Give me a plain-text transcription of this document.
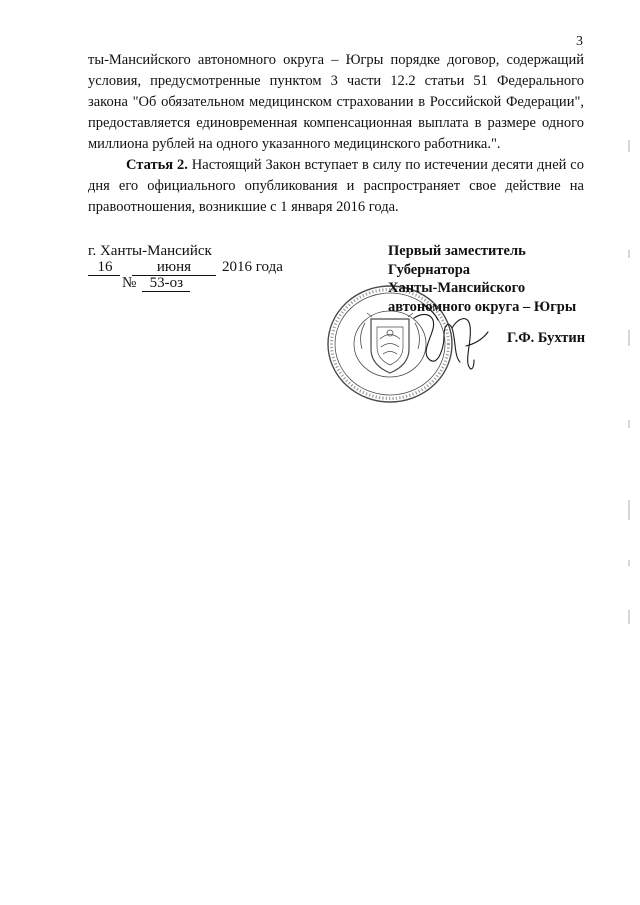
3

ты-Мансийского автономного округа – Югры порядке договор, содержащий условия, предусмотренные пунктом 3 части 12.2 статьи 51 Федерального закона "Об обязательном медицинском страховании в Российской Федерации", предоставляется единовременная компенсационная выплата в размере одного миллиона рублей на одного указанного медицинского работника.".

Статья 2. Настоящий Закон вступает в силу по истечении десяти дней со дня его официального опубликования и распространяет свое действие на правоотношения, возникшие с 1 января 2016 года.

г. Ханты-Мансийск
16	июня 2016 года
№ 53-оз
Первый заместитель
Губернатора
Ханты-Мансийского
автономного округа – Югры
Г.Ф. Бухтин
